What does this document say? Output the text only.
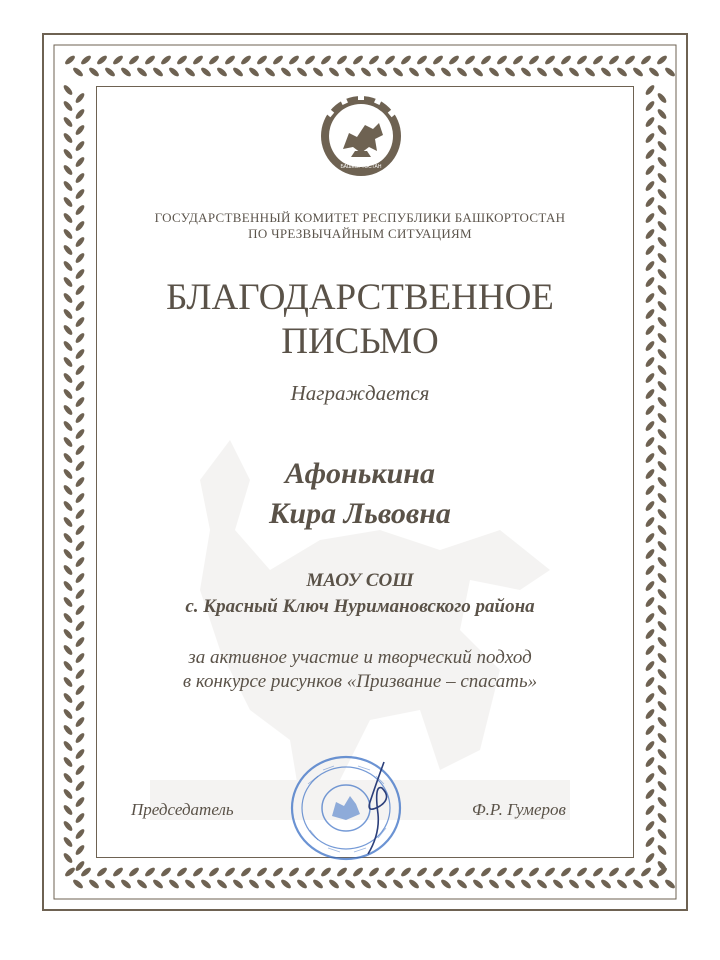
БАШКОРТОСТАН
ГОСУДАРСТВЕННЫЙ КОМИТЕТ РЕСПУБЛИКИ БАШКОРТОСТАН
ПО ЧРЕЗВЫЧАЙНЫМ СИТУАЦИЯМ
БЛАГОДАРСТВЕННОЕ
ПИСЬМО
Награждается
Афонькина
Кира Львовна
МАОУ СОШ
с. Красный Ключ Нуримановского района
за активное участие и творческий подход
в конкурсе рисунков «Призвание – спасать»
Председатель	Ф.Р. Гумеров
